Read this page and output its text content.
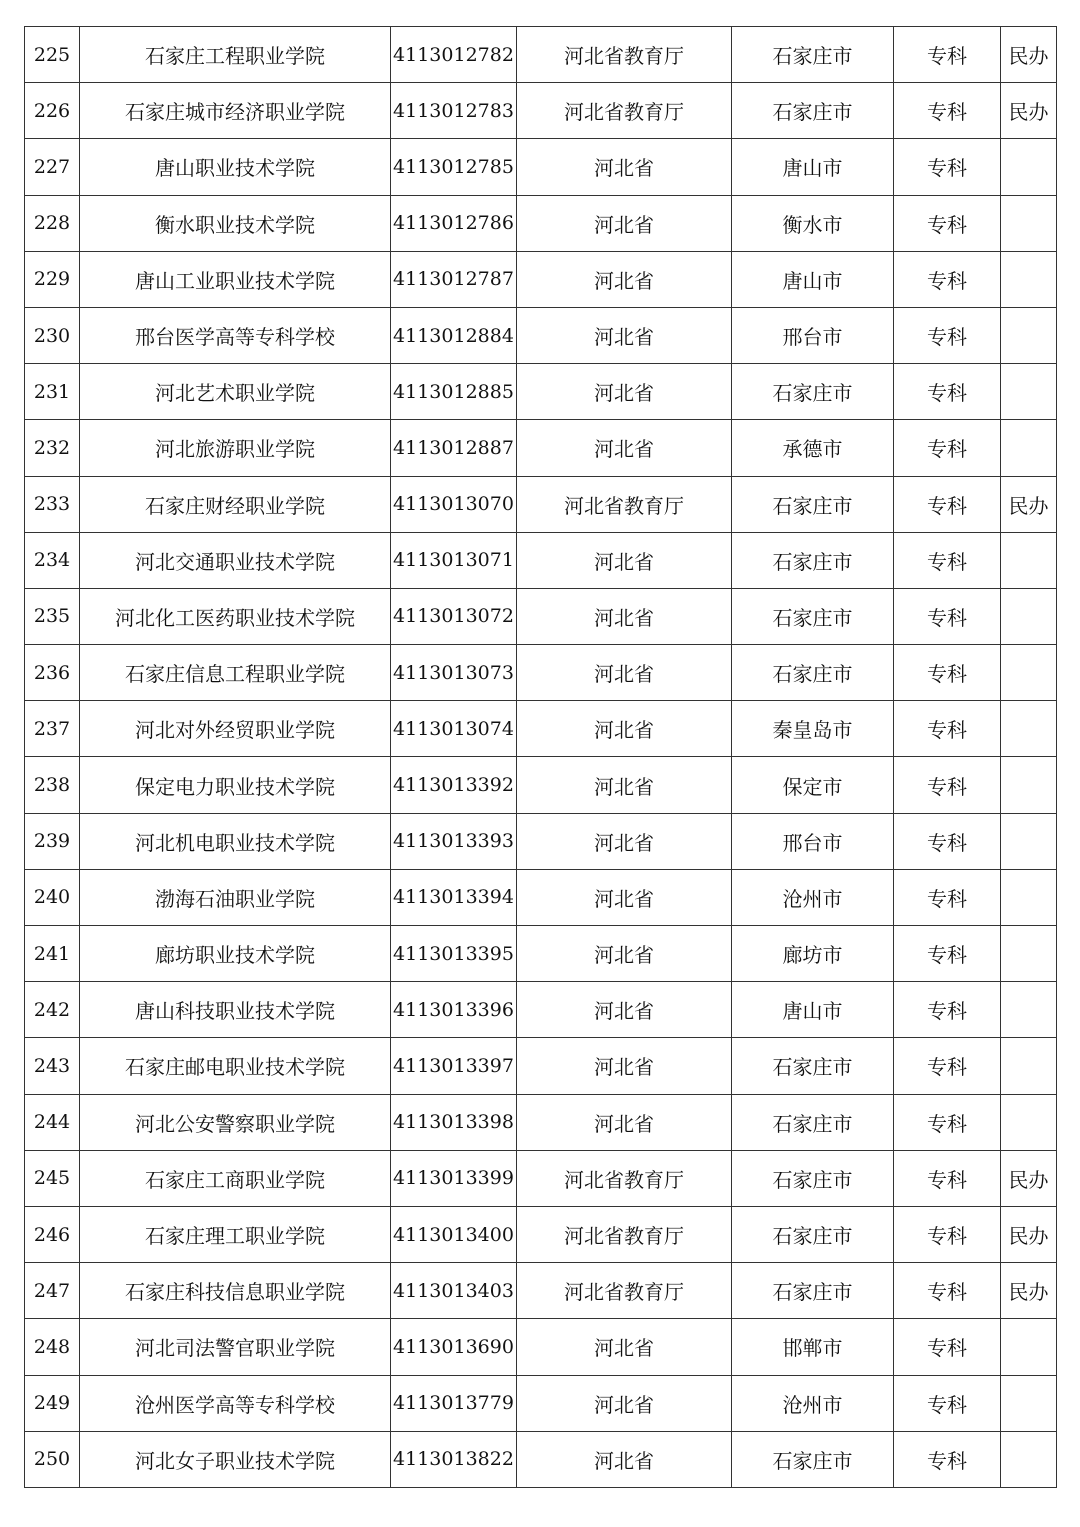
225	石家庄工程职业学院	4113012782	河北省教育厅	石家庄市	专科	民办
226	石家庄城市经济职业学院	4113012783	河北省教育厅	石家庄市	专科	民办
227	唐山职业技术学院	4113012785	河北省	唐山市	专科	
228	衡水职业技术学院	4113012786	河北省	衡水市	专科	
229	唐山工业职业技术学院	4113012787	河北省	唐山市	专科	
230	邢台医学高等专科学校	4113012884	河北省	邢台市	专科	
231	河北艺术职业学院	4113012885	河北省	石家庄市	专科	
232	河北旅游职业学院	4113012887	河北省	承德市	专科	
233	石家庄财经职业学院	4113013070	河北省教育厅	石家庄市	专科	民办
234	河北交通职业技术学院	4113013071	河北省	石家庄市	专科	
235	河北化工医药职业技术学院	4113013072	河北省	石家庄市	专科	
236	石家庄信息工程职业学院	4113013073	河北省	石家庄市	专科	
237	河北对外经贸职业学院	4113013074	河北省	秦皇岛市	专科	
238	保定电力职业技术学院	4113013392	河北省	保定市	专科	
239	河北机电职业技术学院	4113013393	河北省	邢台市	专科	
240	渤海石油职业学院	4113013394	河北省	沧州市	专科	
241	廊坊职业技术学院	4113013395	河北省	廊坊市	专科	
242	唐山科技职业技术学院	4113013396	河北省	唐山市	专科	
243	石家庄邮电职业技术学院	4113013397	河北省	石家庄市	专科	
244	河北公安警察职业学院	4113013398	河北省	石家庄市	专科	
245	石家庄工商职业学院	4113013399	河北省教育厅	石家庄市	专科	民办
246	石家庄理工职业学院	4113013400	河北省教育厅	石家庄市	专科	民办
247	石家庄科技信息职业学院	4113013403	河北省教育厅	石家庄市	专科	民办
248	河北司法警官职业学院	4113013690	河北省	邯郸市	专科	
249	沧州医学高等专科学校	4113013779	河北省	沧州市	专科	
250	河北女子职业技术学院	4113013822	河北省	石家庄市	专科	
